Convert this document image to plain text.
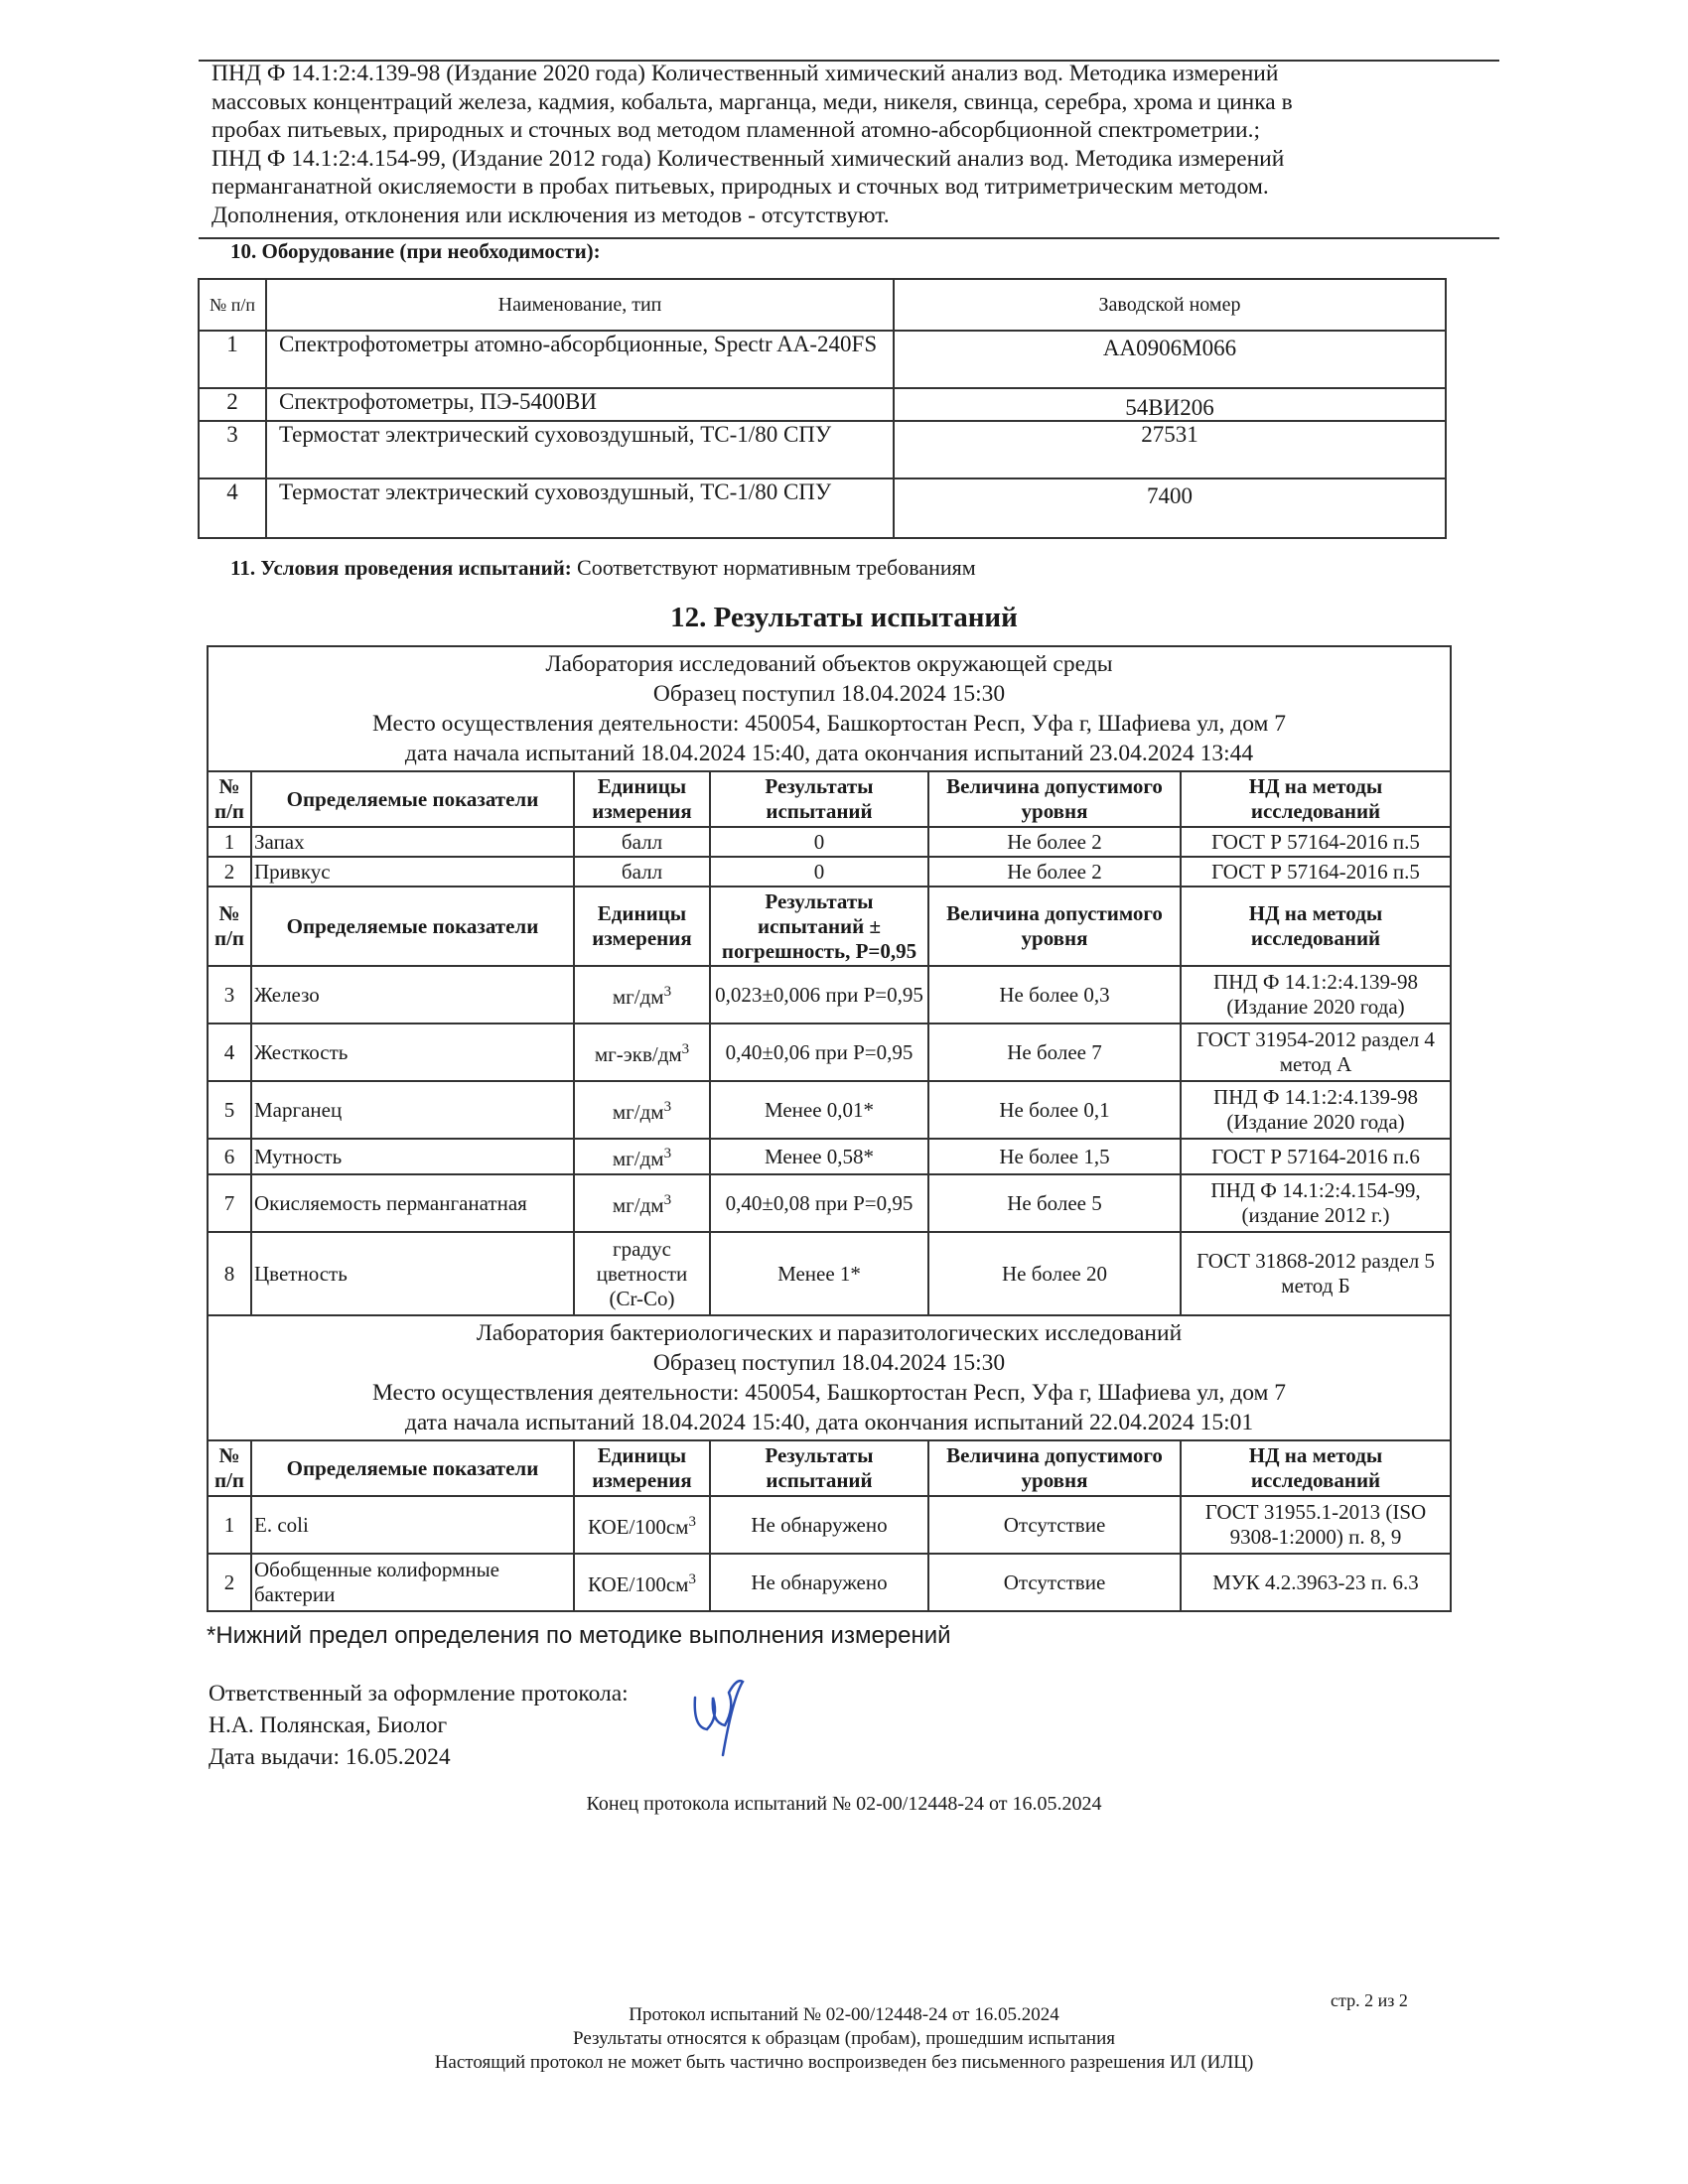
ПНД Ф 14.1:2:4.139-98 (Издание 2020 года) Количественный химический анализ вод. Методика измерений
массовых концентраций железа, кадмия, кобальта, марганца, меди, никеля, свинца, серебра, хрома и цинка в
пробах питьевых, природных и сточных вод методом пламенной атомно-абсорбционной спектрометрии.;
ПНД Ф 14.1:2:4.154-99, (Издание 2012 года) Количественный химический анализ вод. Методика измерений
перманганатной окисляемости в пробах питьевых, природных и сточных вод титриметрическим методом.
Дополнения, отклонения или исключения из методов - отсутствуют.
10. Оборудование (при необходимости):
№ п/п	Наименование, тип	Заводской номер
1	Спектрофотометры атомно-абсорбционные, Spectr AA-240FS	АА0906М066
2	Спектрофотометры, ПЭ-5400ВИ	54ВИ206
3	Термостат электрический суховоздушный, ТС-1/80 СПУ	27531
4	Термостат электрический суховоздушный, ТС-1/80 СПУ	7400
11. Условия проведения испытаний: Соответствуют нормативным требованиям
12. Результаты испытаний
Лаборатория исследований объектов окружающей среды
Образец поступил 18.04.2024 15:30
Место осуществления деятельности: 450054, Башкортостан Респ, Уфа г, Шафиева ул, дом 7
дата начала испытаний 18.04.2024 15:40, дата окончания испытаний 23.04.2024 13:44					

№ п/п	Определяемые показатели	Единицы измерения	Результаты испытаний	Величина допустимого уровня	НД на методы исследований
1	Запах	балл	0	Не более 2	ГОСТ Р 57164-2016 п.5
2	Привкус	балл	0	Не более 2	ГОСТ Р 57164-2016 п.5
№ п/п	Определяемые показатели	Единицы измерения	Результаты испытаний ± погрешность, Р=0,95	Величина допустимого уровня	НД на методы исследований
3	Железо	$мг/дм^3$	0,023±0,006 при Р=0,95	Не более 0,3	ПНД Ф 14.1:2:4.139-98 (Издание 2020 года)
4	Жесткость	$мг-экв/дм^3$	0,40±0,06 при Р=0,95	Не более 7	ГОСТ 31954-2012 раздел 4 метод А
5	Марганец	$мг/дм^3$	Менее 0,01*	Не более 0,1	ПНД Ф 14.1:2:4.139-98 (Издание 2020 года)
6	Мутность	$мг/дм^3$	Менее 0,58*	Не более 1,5	ГОСТ Р 57164-2016 п.6
7	Окисляемость перманганатная	$мг/дм^3$	0,40±0,08 при Р=0,95	Не более 5	ПНД Ф 14.1:2:4.154-99, (издание 2012 г.)
8	Цветность	градус цветности (Cr-Co)	Менее 1*	Не более 20	ГОСТ 31868-2012 раздел 5 метод Б

Лаборатория бактериологических и паразитологических исследований
Образец поступил 18.04.2024 15:30
Место осуществления деятельности: 450054, Башкортостан Респ, Уфа г, Шафиева ул, дом 7
дата начала испытаний 18.04.2024 15:40, дата окончания испытаний 22.04.2024 15:01					

№ п/п	Определяемые показатели	Единицы измерения	Результаты испытаний	Величина допустимого уровня	НД на методы исследований
1	E. coli	КОЕ/$100см^3$	Не обнаружено	Отсутствие	ГОСТ 31955.1-2013 (ISO 9308-1:2000) п. 8, 9
2	Обобщенные колиформные бактерии	КОЕ/$100см^3$	Не обнаружено	Отсутствие	МУК 4.2.3963-23 п. 6.3
*Нижний предел определения по методике выполнения измерений
Ответственный за оформление протокола:
Н.А. Полянская, Биолог
Дата выдачи: 16.05.2024
Конец протокола испытаний № 02-00/12448-24 от 16.05.2024
стр. 2 из 2
Протокол испытаний № 02-00/12448-24 от 16.05.2024
Результаты относятся к образцам (пробам), прошедшим испытания
Настоящий протокол не может быть частично воспроизведен без письменного разрешения ИЛ (ИЛЦ)
